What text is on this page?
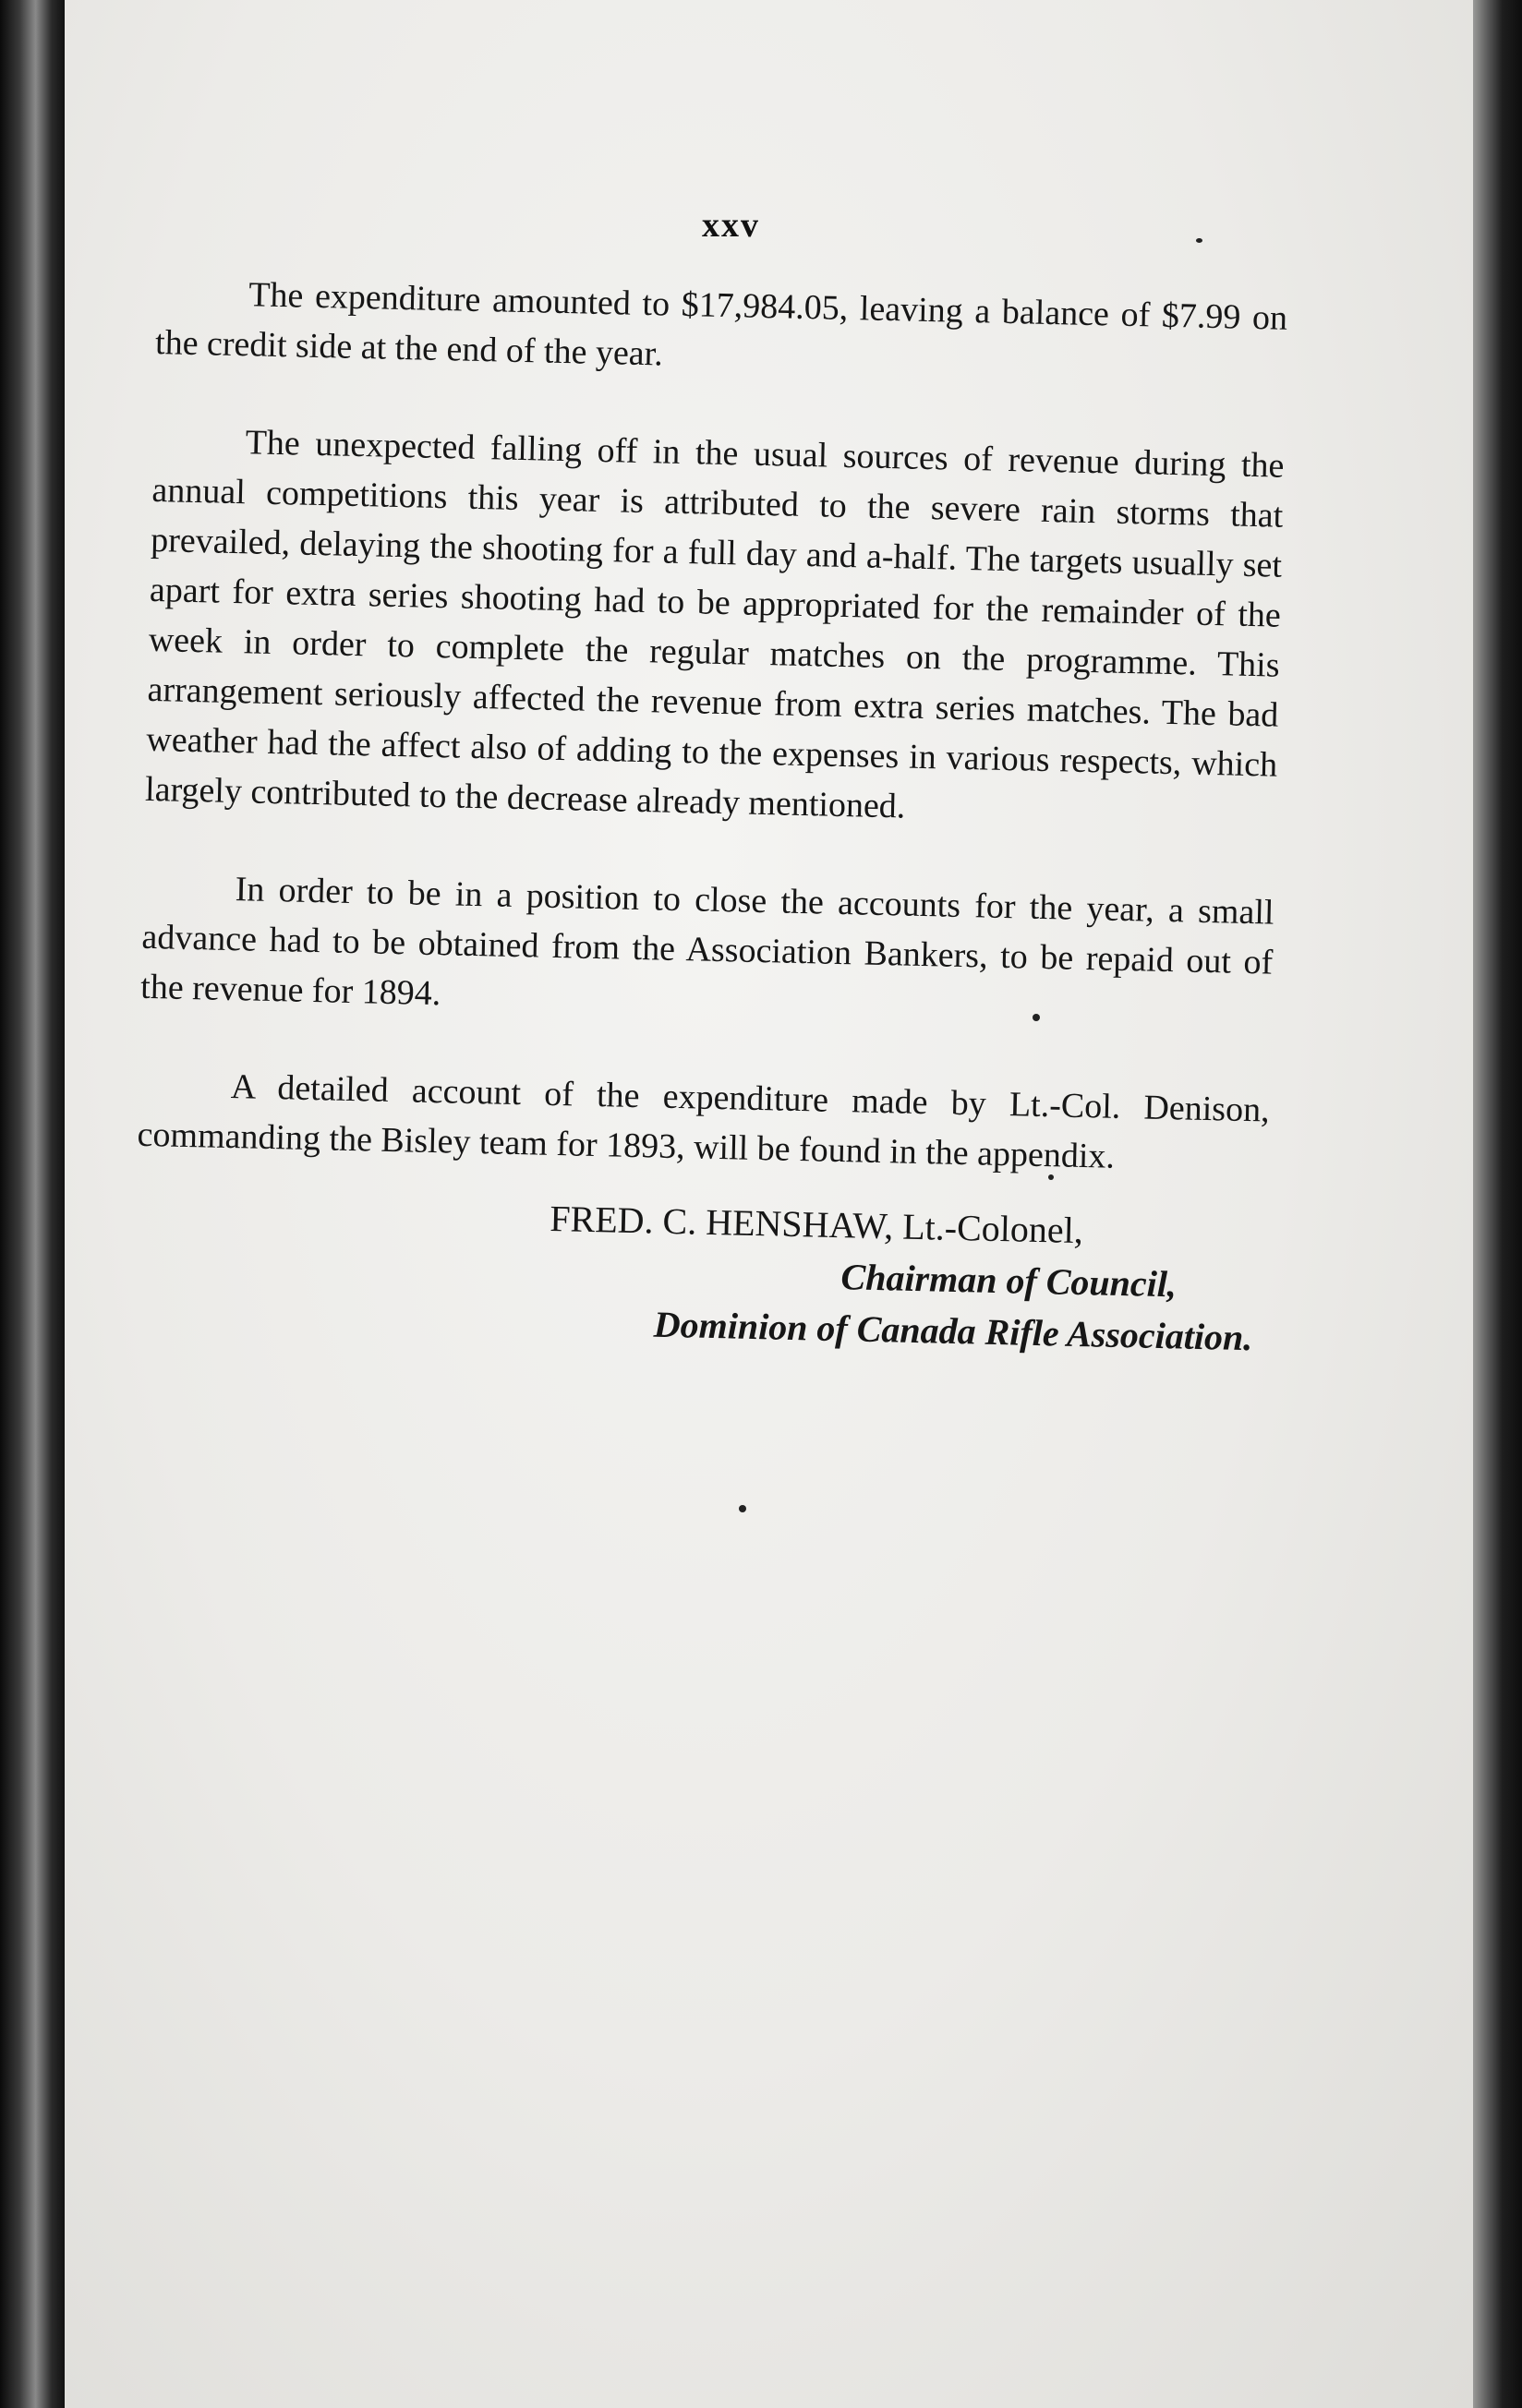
xxv

The expenditure amounted to $17,984.05, leaving a balance of $7.99 on the credit side at the end of the year.

The unexpected falling off in the usual sources of revenue during the annual competitions this year is attributed to the severe rain storms that prevailed, delaying the shooting for a full day and a-half. The targets usually set apart for extra series shooting had to be appropriated for the remainder of the week in order to complete the regular matches on the programme. This arrangement seriously affected the revenue from extra series matches. The bad weather had the affect also of adding to the expenses in various respects, which largely contributed to the decrease already mentioned.

In order to be in a position to close the accounts for the year, a small advance had to be obtained from the Association Bankers, to be repaid out of the revenue for 1894.

A detailed account of the expenditure made by Lt.-Col. Denison, commanding the Bisley team for 1893, will be found in the appendix.

FRED. C. HENSHAW, Lt.-Colonel,

Chairman of Council,

Dominion of Canada Rifle Association.
